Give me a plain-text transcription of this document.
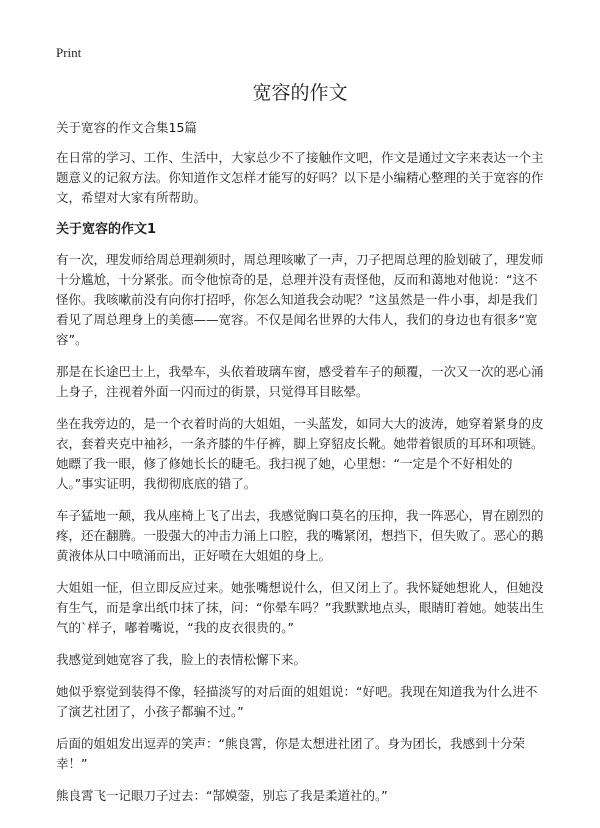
Print
宽容的作文

关于宽容的作文合集15篇

在日常的学习、工作、生活中，大家总少不了接触作文吧，作文是通过文字来表达一个主题意义的记叙方法。你知道作文怎样才能写的好吗？以下是小编精心整理的关于宽容的作文，希望对大家有所帮助。

关于宽容的作文1

有一次，理发师给周总理剃须时，周总理咳嗽了一声，刀子把周总理的脸划破了，理发师十分尴尬，十分紧张。而令他惊奇的是，总理并没有责怪他，反而和蔼地对他说：“这不怪你。我咳嗽前没有向你打招呼，你怎么知道我会动呢？”这虽然是一件小事，却是我们看见了周总理身上的美德——宽容。不仅是闻名世界的大伟人，我们的身边也有很多“宽容”。

那是在长途巴士上，我晕车，头依着玻璃车窗，感受着车子的颠覆，一次又一次的恶心涌上身子，注视着外面一闪而过的街景，只觉得耳目眩晕。

坐在我旁边的，是一个衣着时尚的大姐姐，一头蓝发，如同大大的波涛，她穿着紧身的皮衣，套着夹克中袖衫，一条齐膝的牛仔裤，脚上穿貂皮长靴。她带着银质的耳环和项链。她瞟了我一眼，修了修她长长的睫毛。我扫视了她，心里想：“一定是个不好相处的人。”事实证明，我彻彻底底的错了。

车子猛地一颠，我从座椅上飞了出去，我感觉胸口莫名的压抑，我一阵恶心，胃在剧烈的疼，还在翻腾。一股强大的冲击力涌上口腔，我的嘴紧闭，想挡下，但失败了。恶心的鹅黄液体从口中喷涌而出，正好喷在大姐姐的身上。

大姐姐一怔，但立即反应过来。她张嘴想说什么，但又闭上了。我怀疑她想讹人，但她没有生气，而是拿出纸巾抹了抹，问：“你晕车吗？”我默默地点头，眼睛盯着她。她装出生气的`样子，嘟着嘴说，“我的皮衣很贵的。”

我感觉到她宽容了我，脸上的表情松懈下来。

她似乎察觉到装得不像，轻描淡写的对后面的姐姐说：“好吧。我现在知道我为什么进不了演艺社团了，小孩子都骗不过。”

后面的姐姐发出逗弄的笑声：“熊良霄，你是太想进社团了。身为团长，我感到十分荣幸！”

熊良霄飞一记眼刀子过去：“郜嫫蓥，别忘了我是柔道社的。”
